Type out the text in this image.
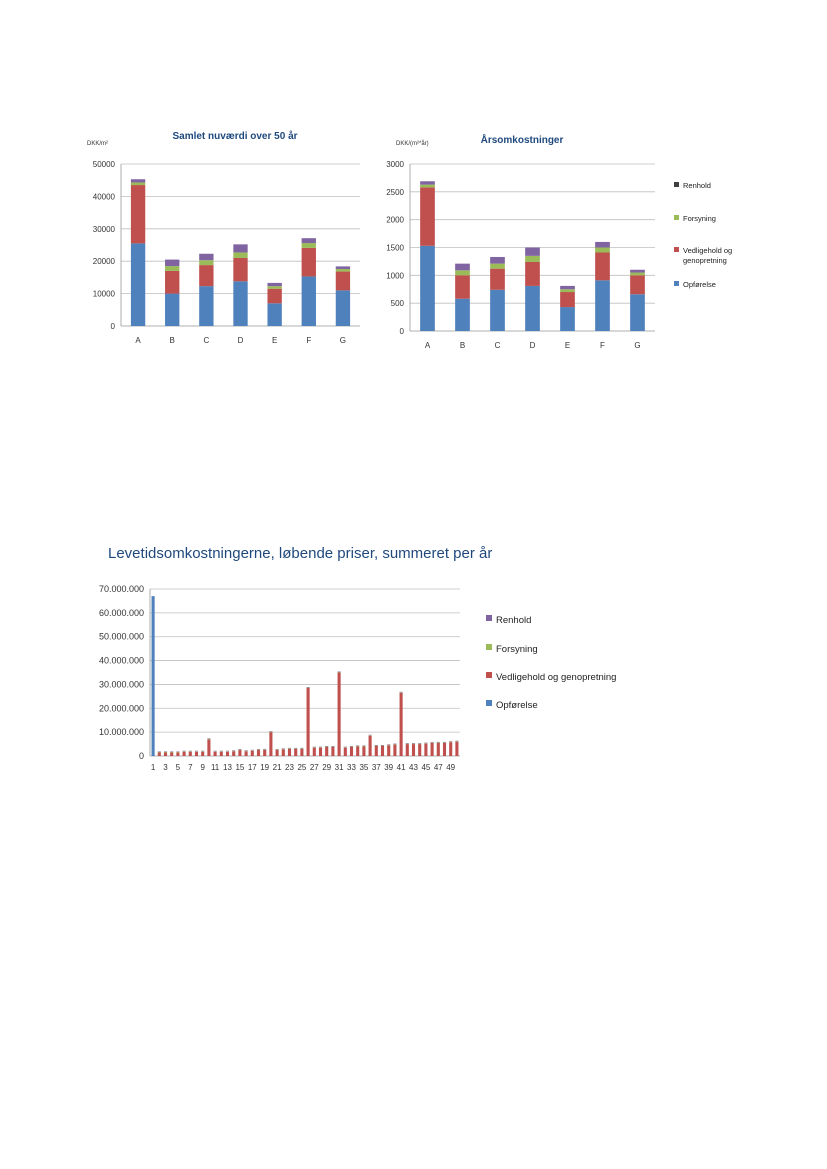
Samlet nuværdi over 50 år
DKK/m²
0
10000
20000
30000
40000
50000
A	B	C	D	E	F	G
Årsomkostninger
DKK/(m²*år)
0
500
1000
1500
2000
2500
3000
A	B	C	D	E	F	G
Renhold
Forsyning
Vedligehold og genopretning
Opførelse
Levetidsomkostningerne, løbende priser, summeret per år
0
10.000.000
20.000.000
30.000.000
40.000.000
50.000.000
60.000.000
70.000.000
1 3 5 7 9 11 13 15 17 19 21 23 25 27 29 31 33 35 37 39 41 43 45 47 49
Renhold
Forsyning
Vedligehold og genopretning
Opførelse
